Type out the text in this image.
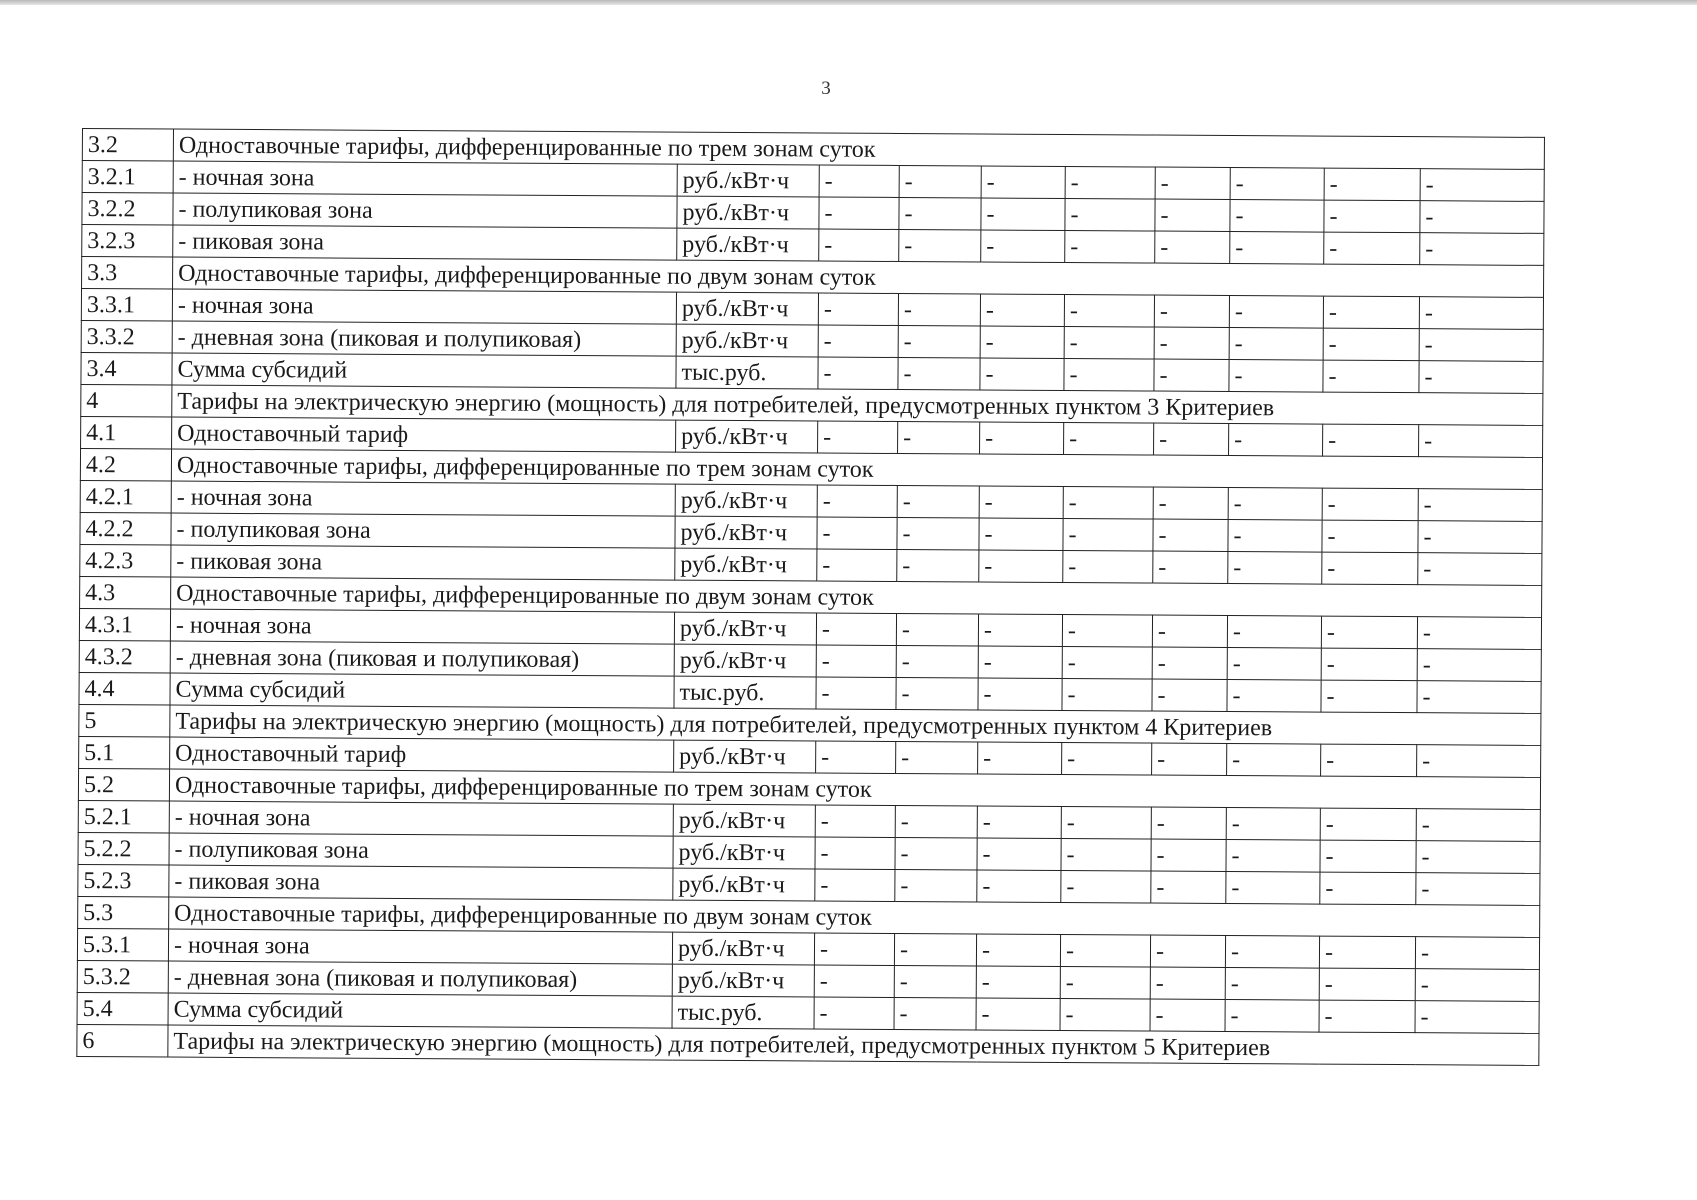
3
3.2	Одноставочные тарифы, дифференцированные по трем зонам суток									
3.2.1	- ночная зона	руб./кВт·ч	-	-	-	-	-	-	-	-
3.2.2	- полупиковая зона	руб./кВт·ч	-	-	-	-	-	-	-	-
3.2.3	- пиковая зона	руб./кВт·ч	-	-	-	-	-	-	-	-
3.3	Одноставочные тарифы, дифференцированные по двум зонам суток									
3.3.1	- ночная зона	руб./кВт·ч	-	-	-	-	-	-	-	-
3.3.2	- дневная зона (пиковая и полупиковая)	руб./кВт·ч	-	-	-	-	-	-	-	-
3.4	Сумма субсидий	тыс.руб.	-	-	-	-	-	-	-	-
4	Тарифы на электрическую энергию (мощность) для потребителей, предусмотренных пунктом 3 Критериев									
4.1	Одноставочный тариф	руб./кВт·ч	-	-	-	-	-	-	-	-
4.2	Одноставочные тарифы, дифференцированные по трем зонам суток									
4.2.1	- ночная зона	руб./кВт·ч	-	-	-	-	-	-	-	-
4.2.2	- полупиковая зона	руб./кВт·ч	-	-	-	-	-	-	-	-
4.2.3	- пиковая зона	руб./кВт·ч	-	-	-	-	-	-	-	-
4.3	Одноставочные тарифы, дифференцированные по двум зонам суток									
4.3.1	- ночная зона	руб./кВт·ч	-	-	-	-	-	-	-	-
4.3.2	- дневная зона (пиковая и полупиковая)	руб./кВт·ч	-	-	-	-	-	-	-	-
4.4	Сумма субсидий	тыс.руб.	-	-	-	-	-	-	-	-
5	Тарифы на электрическую энергию (мощность) для потребителей, предусмотренных пунктом 4 Критериев									
5.1	Одноставочный тариф	руб./кВт·ч	-	-	-	-	-	-	-	-
5.2	Одноставочные тарифы, дифференцированные по трем зонам суток									
5.2.1	- ночная зона	руб./кВт·ч	-	-	-	-	-	-	-	-
5.2.2	- полупиковая зона	руб./кВт·ч	-	-	-	-	-	-	-	-
5.2.3	- пиковая зона	руб./кВт·ч	-	-	-	-	-	-	-	-
5.3	Одноставочные тарифы, дифференцированные по двум зонам суток									
5.3.1	- ночная зона	руб./кВт·ч	-	-	-	-	-	-	-	-
5.3.2	- дневная зона (пиковая и полупиковая)	руб./кВт·ч	-	-	-	-	-	-	-	-
5.4	Сумма субсидий	тыс.руб.	-	-	-	-	-	-	-	-
6	Тарифы на электрическую энергию (мощность) для потребителей, предусмотренных пунктом 5 Критериев									
